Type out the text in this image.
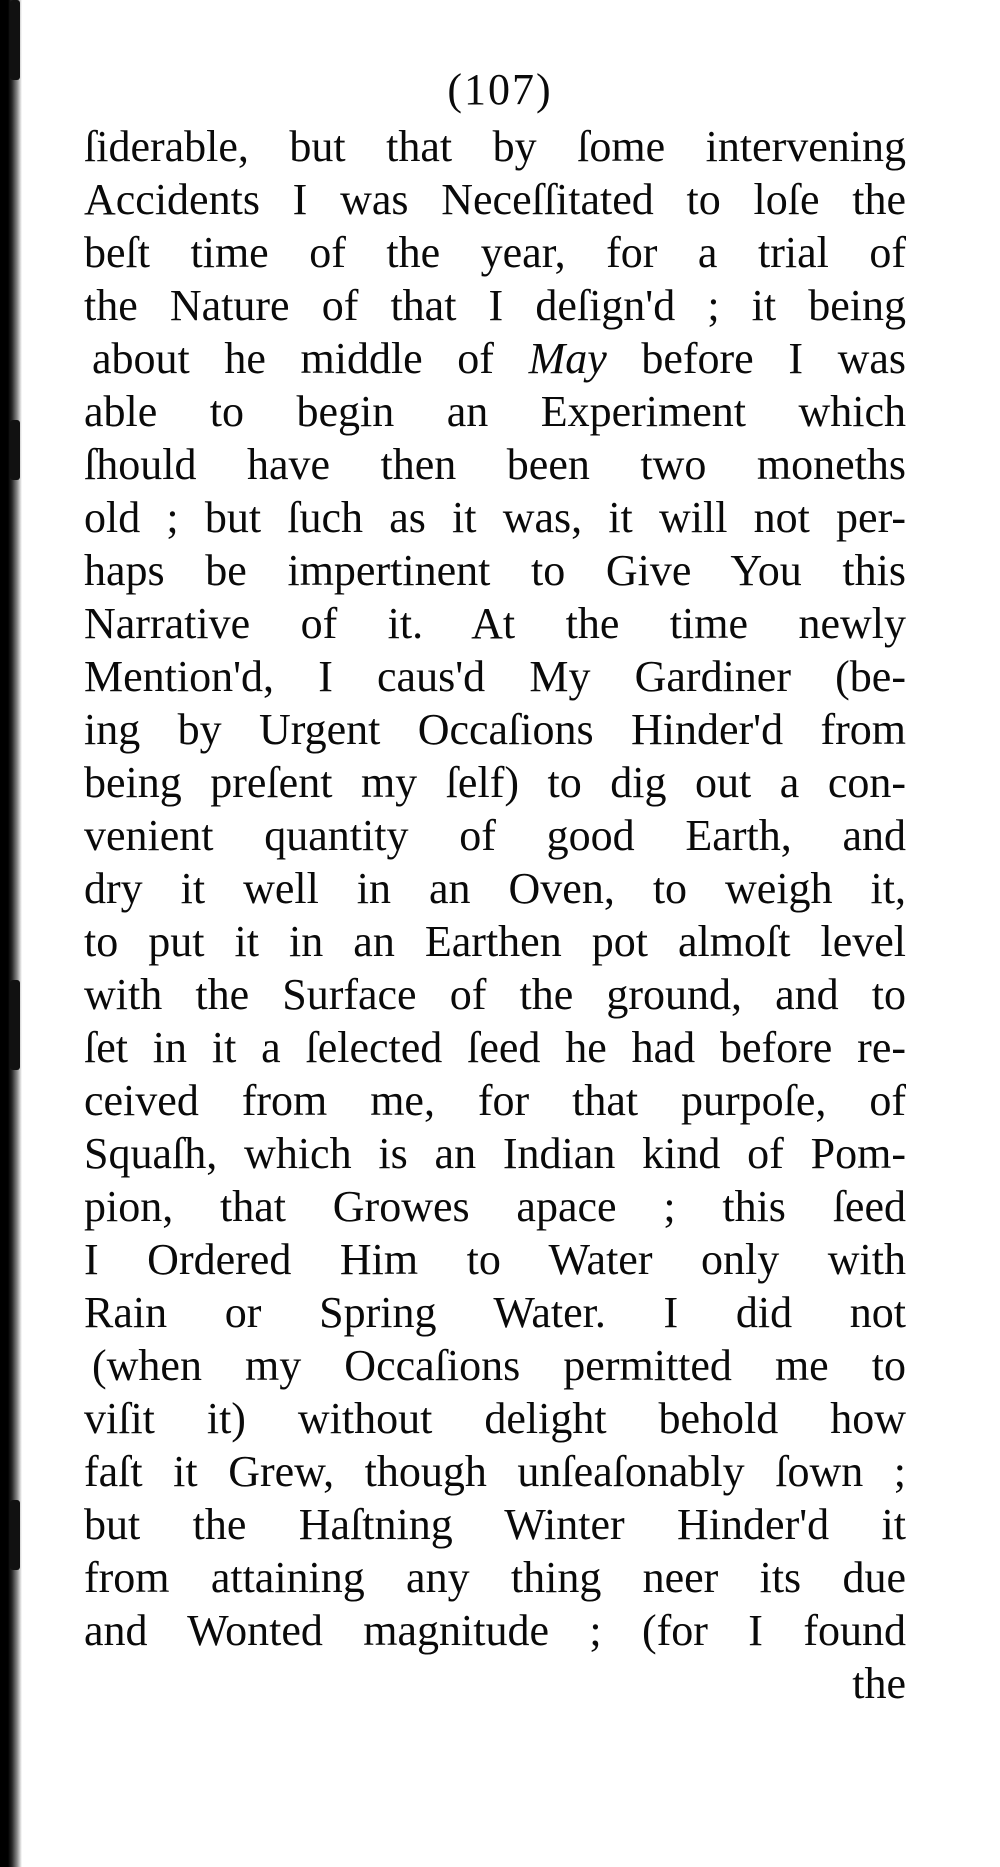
(107)
ſiderable, but that by ſome intervening
Accidents I was Neceſſitated to loſe the
beſt time of the year, for a trial of
the Nature of that I deſign'd ; it being
about he middle of May before I was
able to begin an Experiment which
ſhould have then been two moneths
old ; but ſuch as it was, it will not per-
haps be impertinent to Give You this
Narrative of it. At the time newly
Mention'd, I caus'd My Gardiner (be-
ing by Urgent Occaſions Hinder'd from
being preſent my ſelf) to dig out a con-
venient quantity of good Earth, and
dry it well in an Oven, to weigh it,
to put it in an Earthen pot almoſt level
with the Surface of the ground, and to
ſet in it a ſelected ſeed he had before re-
ceived from me, for that purpoſe, of
Squaſh, which is an Indian kind of Pom-
pion, that Growes apace ; this ſeed
I Ordered Him to Water only with
Rain or Spring Water. I did not
(when my Occaſions permitted me to
viſit it) without delight behold how
faſt it Grew, though unſeaſonably ſown ;
but the Haſtning Winter Hinder'd it
from attaining any thing neer its due
and Wonted magnitude ; (for I found
the
